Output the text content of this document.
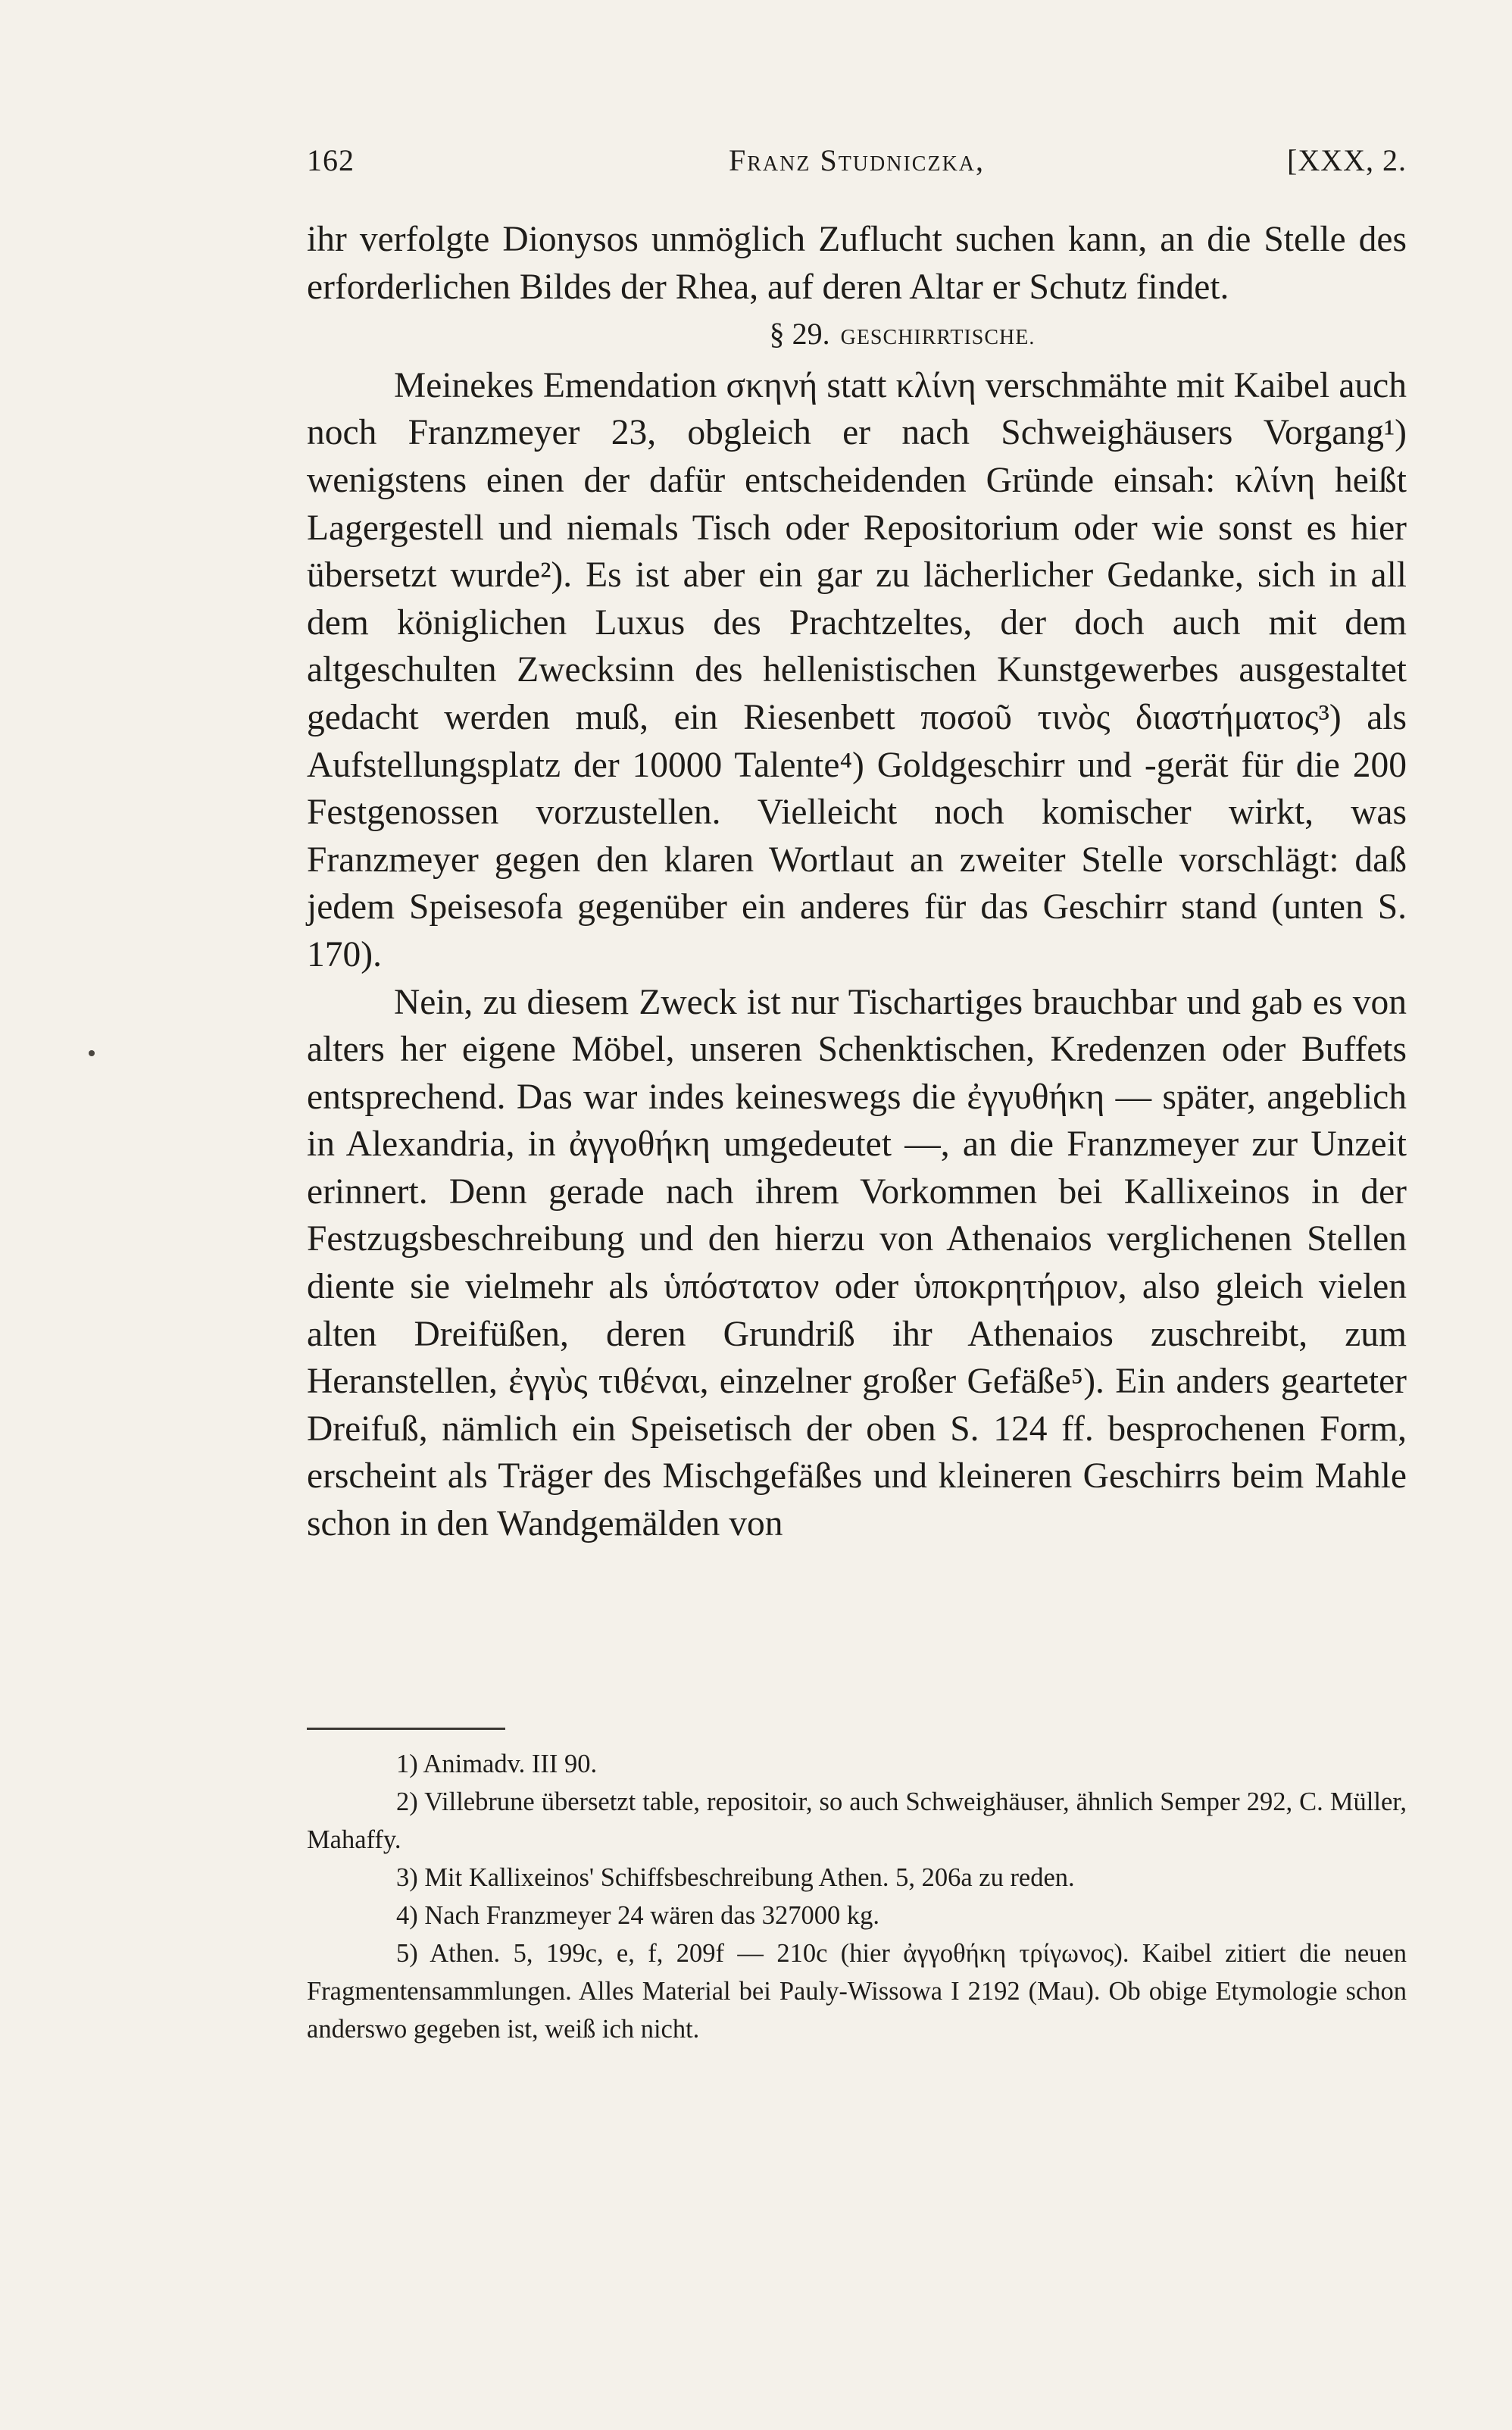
162	Franz Studniczka,	[XXX, 2.

ihr verfolgte Dionysos unmöglich Zuflucht suchen kann, an die Stelle des erforderlichen Bildes der Rhea, auf deren Altar er Schutz findet.

§ 29. GESCHIRRTISCHE.

Meinekes Emendation σκηνή statt κλίνη verschmähte mit Kaibel auch noch Franzmeyer 23, obgleich er nach Schweighäusers Vorgang¹) wenigstens einen der dafür entscheidenden Gründe einsah: κλίνη heißt Lagergestell und niemals Tisch oder Repositorium oder wie sonst es hier übersetzt wurde²). Es ist aber ein gar zu lächerlicher Gedanke, sich in all dem königlichen Luxus des Prachtzeltes, der doch auch mit dem altgeschulten Zwecksinn des hellenistischen Kunstgewerbes ausgestaltet gedacht werden muß, ein Riesenbett ποσοῦ τινὸς διαστήματος³) als Aufstellungsplatz der 10000 Talente⁴) Goldgeschirr und -gerät für die 200 Festgenossen vorzustellen. Vielleicht noch komischer wirkt, was Franzmeyer gegen den klaren Wortlaut an zweiter Stelle vorschlägt: daß jedem Speisesofa gegenüber ein anderes für das Geschirr stand (unten S. 170).

Nein, zu diesem Zweck ist nur Tischartiges brauchbar und gab es von alters her eigene Möbel, unseren Schenktischen, Kredenzen oder Buffets entsprechend. Das war indes keineswegs die ἐγγυθήκη — später, angeblich in Alexandria, in ἀγγοθήκη umgedeutet —, an die Franzmeyer zur Unzeit erinnert. Denn gerade nach ihrem Vorkommen bei Kallixeinos in der Festzugsbeschreibung und den hierzu von Athenaios verglichenen Stellen diente sie vielmehr als ὑπόστατον oder ὑποκρητήριον, also gleich vielen alten Dreifüßen, deren Grundriß ihr Athenaios zuschreibt, zum Heranstellen, ἐγγὺς τιθέναι, einzelner großer Gefäße⁵). Ein anders gearteter Dreifuß, nämlich ein Speisetisch der oben S. 124 ff. besprochenen Form, erscheint als Träger des Mischgefäßes und kleineren Geschirrs beim Mahle schon in den Wandgemälden von

1) Animadv. III 90.

2) Villebrune übersetzt table, repositoir, so auch Schweighäuser, ähnlich Semper 292, C. Müller, Mahaffy.

3) Mit Kallixeinos' Schiffsbeschreibung Athen. 5, 206a zu reden.

4) Nach Franzmeyer 24 wären das 327000 kg.

5) Athen. 5, 199c, e, f, 209f — 210c (hier ἀγγοθήκη τρίγωνος). Kaibel zitiert die neuen Fragmentensammlungen. Alles Material bei Pauly-Wissowa I 2192 (Mau). Ob obige Etymologie schon anderswo gegeben ist, weiß ich nicht.
